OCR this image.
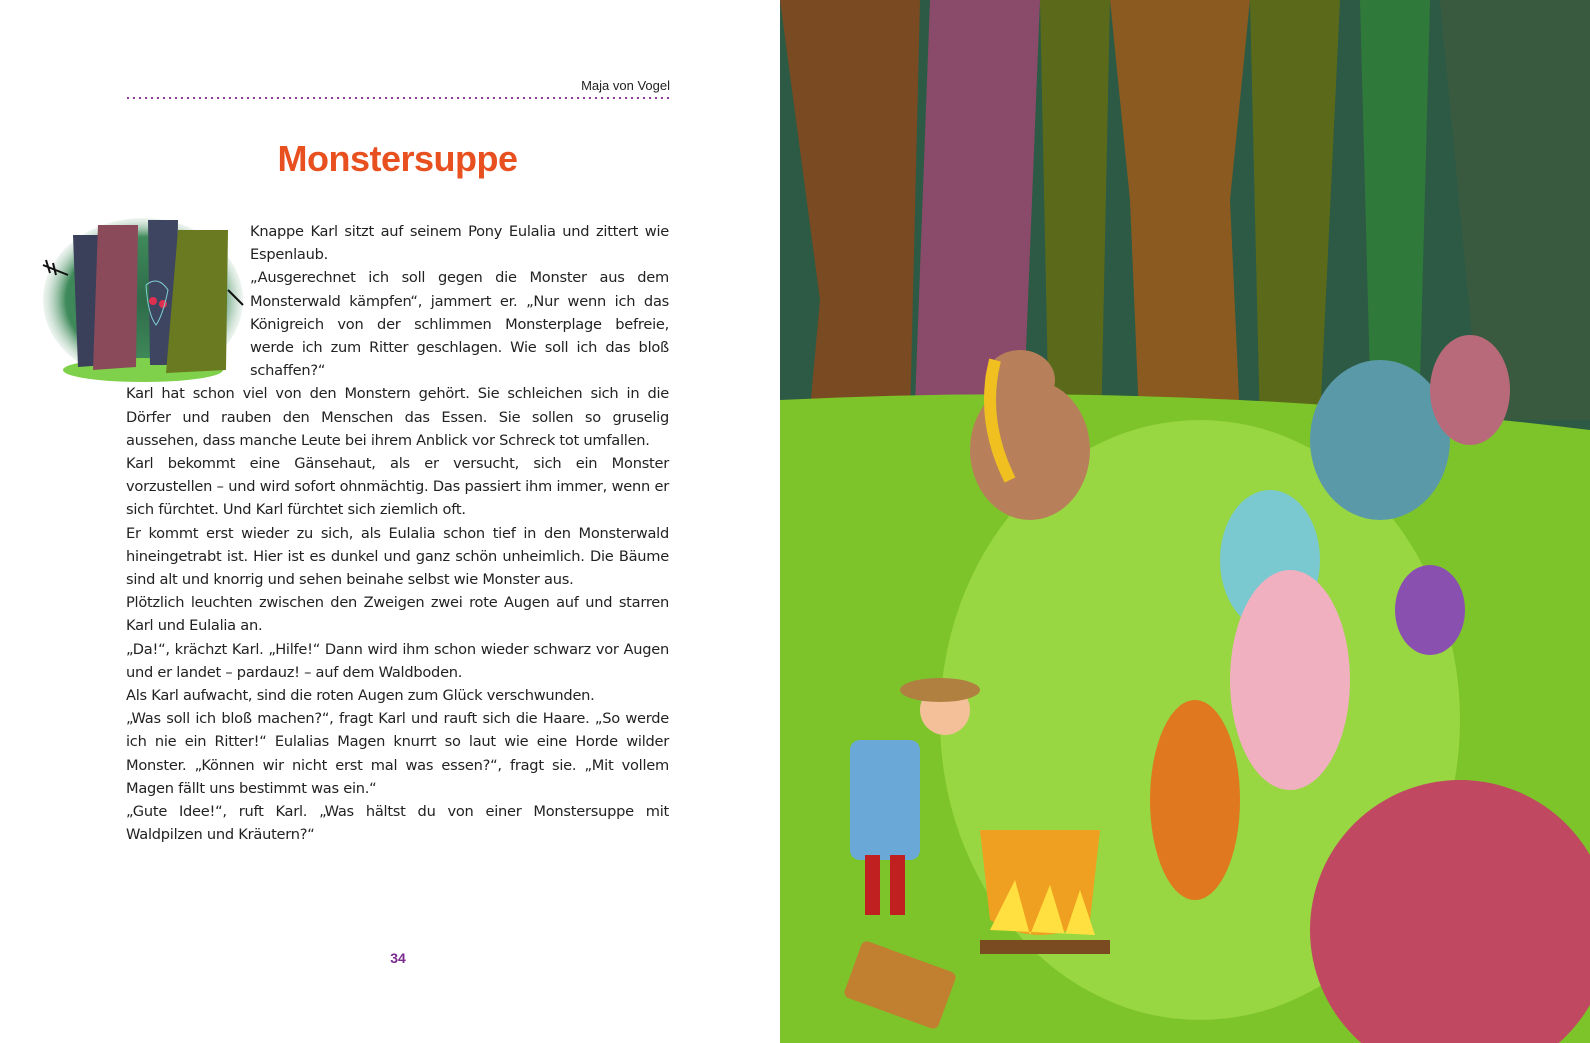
Maja von Vogel
Monstersuppe

Knappe Karl sitzt auf seinem Pony Eulalia und zittert wie Espenlaub.

„Ausgerechnet ich soll gegen die Monster aus dem Monsterwald kämpfen“, jammert er. „Nur wenn ich das Königreich von der schlimmen Monsterplage befreie, werde ich zum Ritter geschlagen. Wie soll ich das bloß schaffen?“

Karl hat schon viel von den Monstern gehört. Sie schleichen sich in die Dörfer und rauben den Menschen das Essen. Sie sollen so gruselig aussehen, dass manche Leute bei ihrem Anblick vor Schreck tot umfallen.

Karl bekommt eine Gänsehaut, als er versucht, sich ein Monster vorzustellen – und wird sofort ohnmächtig. Das passiert ihm immer, wenn er sich fürchtet. Und Karl fürchtet sich ziemlich oft.

Er kommt erst wieder zu sich, als Eulalia schon tief in den Monsterwald hineingetrabt ist. Hier ist es dunkel und ganz schön unheimlich. Die Bäume sind alt und knorrig und sehen beinahe selbst wie Monster aus.

Plötzlich leuchten zwischen den Zweigen zwei rote Augen auf und starren Karl und Eulalia an.

„Da!“, krächzt Karl. „Hilfe!“ Dann wird ihm schon wieder schwarz vor Augen und er landet – pardauz! – auf dem Waldboden.

Als Karl aufwacht, sind die roten Augen zum Glück verschwunden.

„Was soll ich bloß machen?“, fragt Karl und rauft sich die Haare. „So werde ich nie ein Ritter!“ Eulalias Magen knurrt so laut wie eine Horde wilder Monster. „Können wir nicht erst mal was essen?“, fragt sie. „Mit vollem Magen fällt uns bestimmt was ein.“

„Gute Idee!“, ruft Karl. „Was hältst du von einer Monstersuppe mit Waldpilzen und Kräutern?“

34
